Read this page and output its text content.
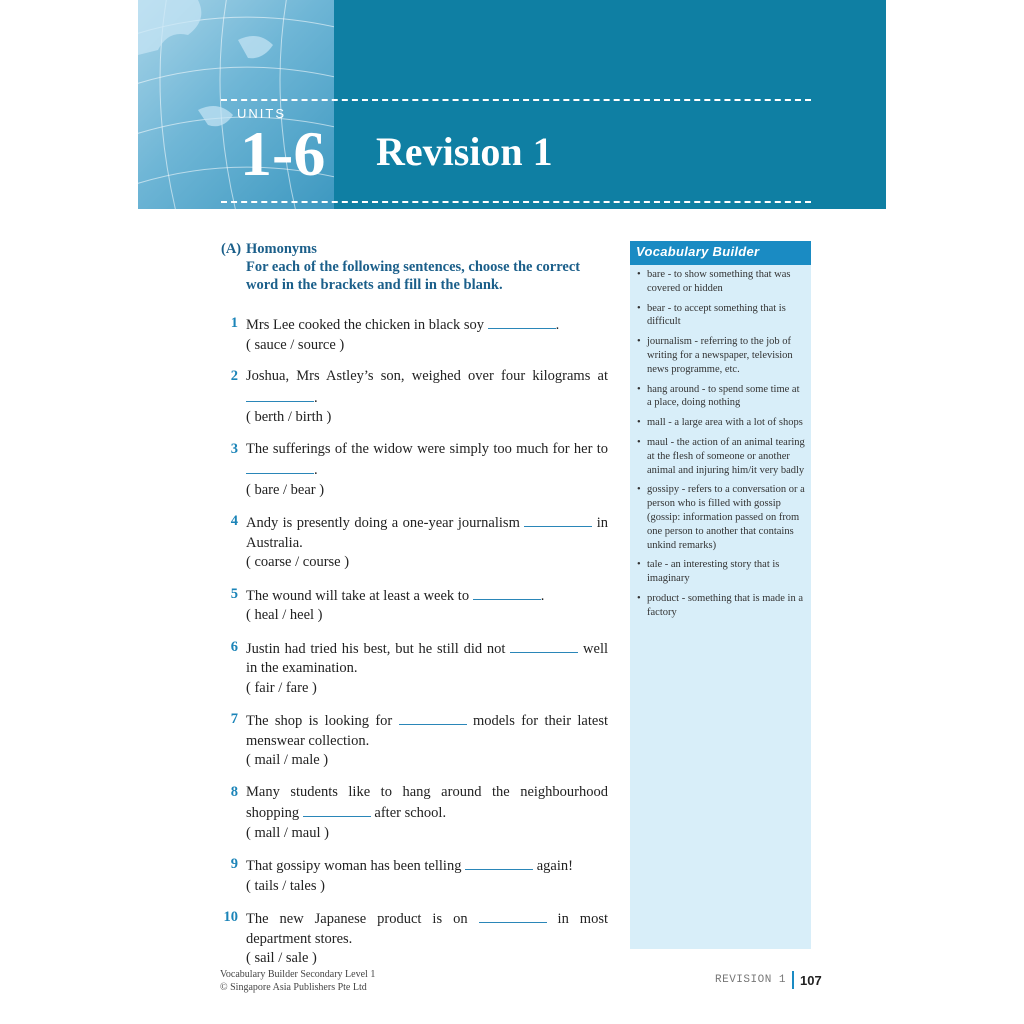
UNITS
1-6 Revision 1
(A) Homonyms
For each of the following sentences, choose the correct word in the brackets and fill in the blank.
1 Mrs Lee cooked the chicken in black soy	.
( sauce / source )
2 Joshua, Mrs Astley’s son, weighed over four kilograms at .
( berth / birth )
3 The sufferings of the widow were simply too much for her to .
( bare / bear )
4 Andy is presently doing a one-year journalism	in Australia.
( coarse / course )
5 The wound will take at least a week to	.
( heal / heel )
6 Justin had tried his best, but he still did not	well in the examination.
( fair / fare )
7 The shop is looking for	models for their latest menswear collection.
( mail / male )
8 Many students like to hang around the neighbourhood shopping	after school.
( mall / maul )
9 That gossipy woman has been telling	again!
( tails / tales )
10 The new Japanese product is on	in most department stores.
( sail / sale )
Vocabulary Builder
• bare - to show something that was covered or hidden
• bear - to accept something that is difficult
• journalism - referring to the job of writing for a newspaper, television news programme, etc.
• hang around - to spend some time at a place, doing nothing
• mall - a large area with a lot of shops
• maul - the action of an animal tearing at the flesh of someone or another animal and injuring him/it very badly
• gossipy - refers to a conversation or a person who is filled with gossip (gossip: information passed on from one person to another that contains unkind remarks)
• tale - an interesting story that is imaginary
• product - something that is made in a factory
Vocabulary Builder Secondary Level 1
© Singapore Asia Publishers Pte Ltd
REVISION 1 107
